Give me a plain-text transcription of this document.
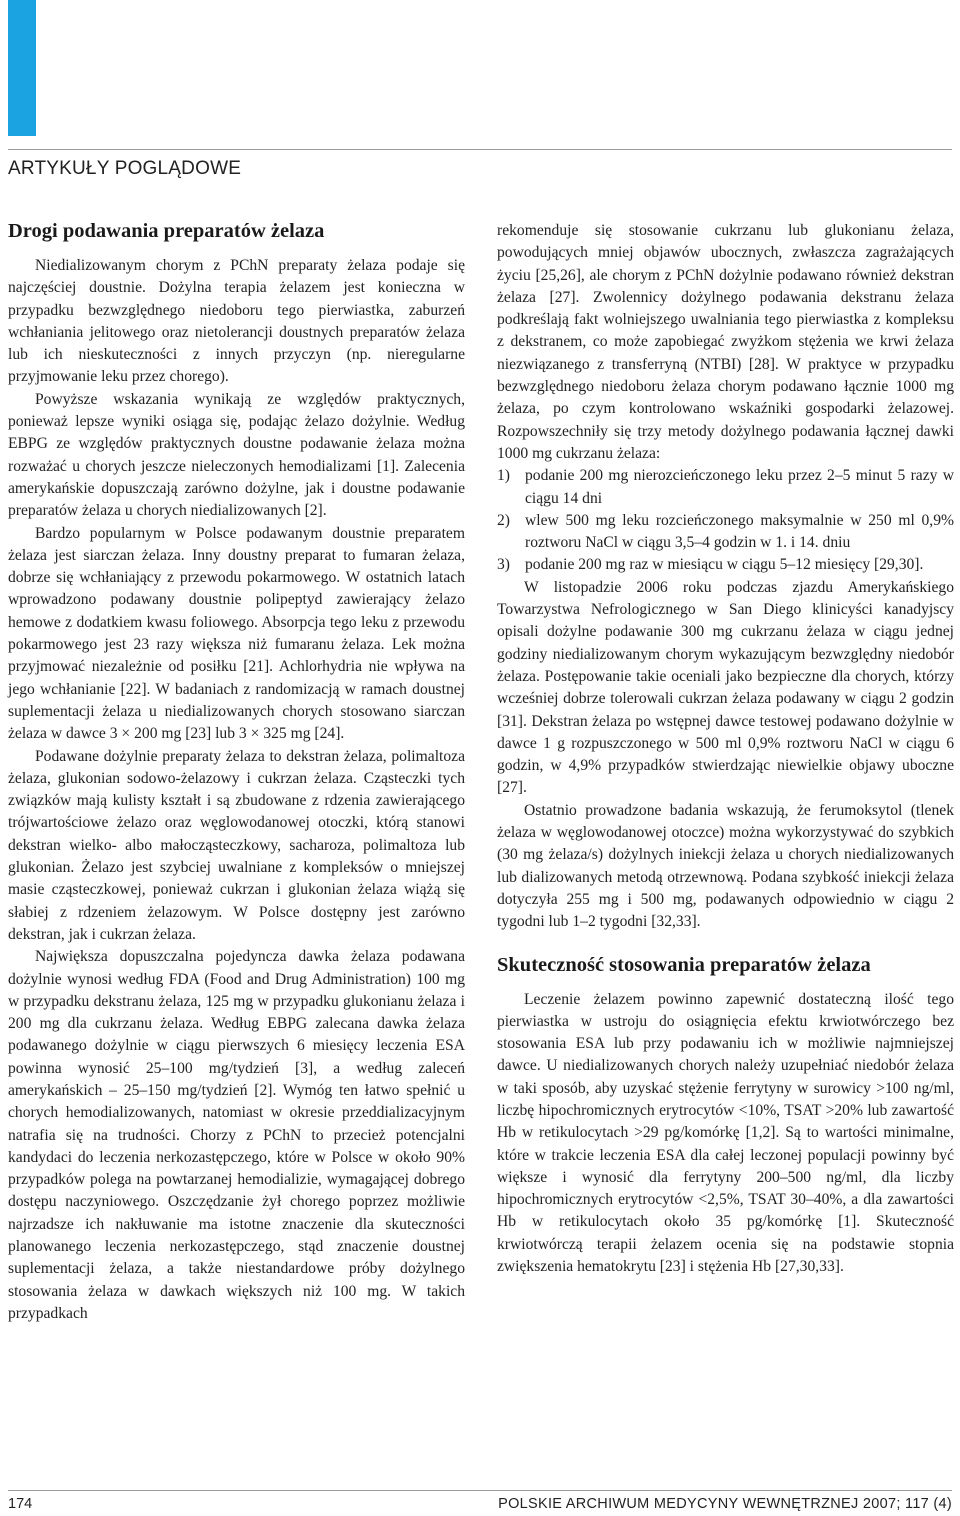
ARTYKUŁY POGLĄDOWE
Drogi podawania preparatów żelaza

Niedializowanym chorym z PChN preparaty żelaza podaje się najczęściej doustnie. Dożylna terapia żelazem jest konieczna w przypadku bezwzględnego niedoboru tego pierwiastka, zaburzeń wchłaniania jelitowego oraz nietolerancji doustnych preparatów żelaza lub ich nieskuteczności z innych przyczyn (np. nieregularne przyjmowanie leku przez chorego).

Powyższe wskazania wynikają ze względów praktycznych, ponieważ lepsze wyniki osiąga się, podając żelazo dożylnie. Według EBPG ze względów praktycznych doustne podawanie żelaza można rozważać u chorych jeszcze nieleczonych hemodializami [1]. Zalecenia amerykańskie dopuszczają zarówno dożylne, jak i doustne podawanie preparatów żelaza u chorych niedializowanych [2].

Bardzo popularnym w Polsce podawanym doustnie preparatem żelaza jest siarczan żelaza. Inny doustny preparat to fumaran żelaza, dobrze się wchłaniający z przewodu pokarmowego. W ostatnich latach wprowadzono podawany doustnie polipeptyd zawierający żelazo hemowe z dodatkiem kwasu foliowego. Absorpcja tego leku z przewodu pokarmowego jest 23 razy większa niż fumaranu żelaza. Lek można przyjmować niezależnie od posiłku [21]. Achlorhydria nie wpływa na jego wchłanianie [22]. W badaniach z randomizacją w ramach doustnej suplementacji żelaza u niedializowanych chorych stosowano siarczan żelaza w dawce 3 × 200 mg [23] lub 3 × 325 mg [24].

Podawane dożylnie preparaty żelaza to dekstran żelaza, polimaltoza żelaza, glukonian sodowo-żelazowy i cukrzan żelaza. Cząsteczki tych związków mają kulisty kształt i są zbudowane z rdzenia zawierającego trójwartościowe żelazo oraz węglowodanowej otoczki, którą stanowi dekstran wielko- albo małocząsteczkowy, sacharoza, polimaltoza lub glukonian. Żelazo jest szybciej uwalniane z kompleksów o mniejszej masie cząsteczkowej, ponieważ cukrzan i glukonian żelaza wiążą się słabiej z rdzeniem żelazowym. W Polsce dostępny jest zarówno dekstran, jak i cukrzan żelaza.

Największa dopuszczalna pojedyncza dawka żelaza podawana dożylnie wynosi według FDA (Food and Drug Administration) 100 mg w przypadku dekstranu żelaza, 125 mg w przypadku glukonianu żelaza i 200 mg dla cukrzanu żelaza. Według EBPG zalecana dawka żelaza podawanego dożylnie w ciągu pierwszych 6 miesięcy leczenia ESA powinna wynosić 25–100 mg/tydzień [3], a według zaleceń amerykańskich – 25–150 mg/tydzień [2]. Wymóg ten łatwo spełnić u chorych hemodializowanych, natomiast w okresie przeddializacyjnym natrafia się na trudności. Chorzy z PChN to przecież potencjalni kandydaci do leczenia nerkozastępczego, które w Polsce w około 90% przypadków polega na powtarzanej hemodializie, wymagającej dobrego dostępu naczyniowego. Oszczędzanie żył chorego poprzez możliwie najrzadsze ich nakłuwanie ma istotne znaczenie dla skuteczności planowanego leczenia nerkozastępczego, stąd znaczenie doustnej suplementacji żelaza, a także niestandardowe próby dożylnego stosowania żelaza w dawkach większych niż 100 mg. W takich przypadkach

rekomenduje się stosowanie cukrzanu lub glukonianu żelaza, powodujących mniej objawów ubocznych, zwłaszcza zagrażających życiu [25,26], ale chorym z PChN dożylnie podawano również dekstran żelaza [27]. Zwolennicy dożylnego podawania dekstranu żelaza podkreślają fakt wolniejszego uwalniania tego pierwiastka z kompleksu z dekstranem, co może zapobiegać zwyżkom stężenia we krwi żelaza niezwiązanego z transferryną (NTBI) [28]. W praktyce w przypadku bezwzględnego niedoboru żelaza chorym podawano łącznie 1000 mg żelaza, po czym kontrolowano wskaźniki gospodarki żelazowej. Rozpowszechniły się trzy metody dożylnego podawania łącznej dawki 1000 mg cukrzanu żelaza:

1) podanie 200 mg nierozcieńczonego leku przez 2–5 minut 5 razy w ciągu 14 dni
2) wlew 500 mg leku rozcieńczonego maksymalnie w 250 ml 0,9% roztworu NaCl w ciągu 3,5–4 godzin w 1. i 14. dniu
3) podanie 200 mg raz w miesiącu w ciągu 5–12 miesięcy [29,30].

W listopadzie 2006 roku podczas zjazdu Amerykańskiego Towarzystwa Nefrologicznego w San Diego klinicyści kanadyjscy opisali dożylne podawanie 300 mg cukrzanu żelaza w ciągu jednej godziny niedializowanym chorym wykazującym bezwzględny niedobór żelaza. Postępowanie takie oceniali jako bezpieczne dla chorych, którzy wcześniej dobrze tolerowali cukrzan żelaza podawany w ciągu 2 godzin [31]. Dekstran żelaza po wstępnej dawce testowej podawano dożylnie w dawce 1 g rozpuszczonego w 500 ml 0,9% roztworu NaCl w ciągu 6 godzin, w 4,9% przypadków stwierdzając niewielkie objawy uboczne [27].

Ostatnio prowadzone badania wskazują, że ferumoksytol (tlenek żelaza w węglowodanowej otoczce) można wykorzystywać do szybkich (30 mg żelaza/s) dożylnych iniekcji żelaza u chorych niedializowanych lub dializowanych metodą otrzewnową. Podana szybkość iniekcji żelaza dotyczyła 255 mg i 500 mg, podawanych odpowiednio w ciągu 2 tygodni lub 1–2 tygodni [32,33].

Skuteczność stosowania preparatów żelaza

Leczenie żelazem powinno zapewnić dostateczną ilość tego pierwiastka w ustroju do osiągnięcia efektu krwiotwórczego bez stosowania ESA lub przy podawaniu ich w możliwie najmniejszej dawce. U niedializowanych chorych należy uzupełniać niedobór żelaza w taki sposób, aby uzyskać stężenie ferrytyny w surowicy >100 ng/ml, liczbę hipochromicznych erytrocytów <10%, TSAT >20% lub zawartość Hb w retikulocytach >29 pg/komórkę [1,2]. Są to wartości minimalne, które w trakcie leczenia ESA dla całej leczonej populacji powinny być większe i wynosić dla ferrytyny 200–500 ng/ml, dla liczby hipochromicznych erytrocytów <2,5%, TSAT 30–40%, a dla zawartości Hb w retikulocytach około 35 pg/komórkę [1]. Skuteczność krwiotwórczą terapii żelazem ocenia się na podstawie stopnia zwiększenia hematokrytu [23] i stężenia Hb [27,30,33].

174	POLSKIE ARCHIWUM MEDYCYNY WEWNĘTRZNEJ 2007; 117 (4)
